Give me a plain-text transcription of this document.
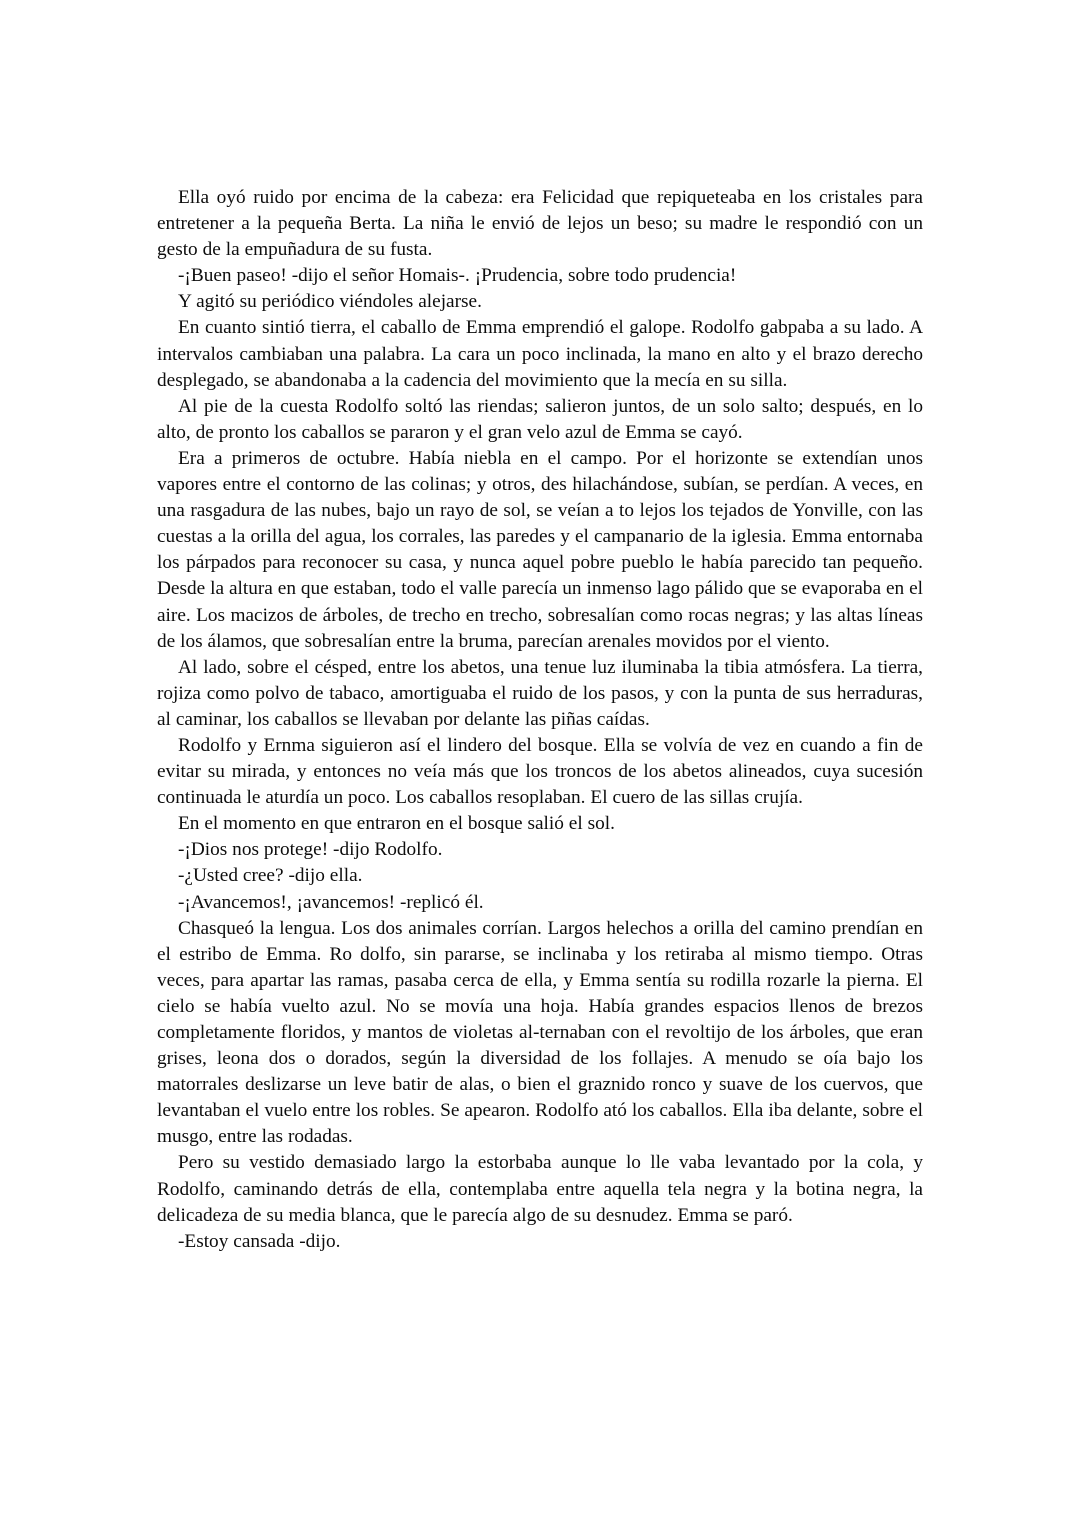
Ella oyó ruido por encima de la cabeza: era Felicidad que repiqueteaba en los cristales para entretener a la pequeña Berta. La niña le envió de lejos un beso; su madre le respondió con un gesto de la empuñadura de su fusta.

-¡Buen paseo! -dijo el señor Homais-. ¡Prudencia, sobre todo prudencia!

Y agitó su periódico viéndoles alejarse.

En cuanto sintió tierra, el caballo de Emma emprendió el galope. Rodolfo gabpaba a su lado. A intervalos cambiaban una palabra. La cara un poco inclinada, la mano en alto y el brazo derecho desplegado, se abandonaba a la cadencia del movimiento que la mecía en su silla.

Al pie de la cuesta Rodolfo soltó las riendas; salieron juntos, de un solo salto; después, en lo alto, de pronto los caballos se pararon y el gran velo azul de Emma se cayó.

Era a primeros de octubre. Había niebla en el campo. Por el horizonte se extendían unos vapores entre el contorno de las colinas; y otros, des hilachándose, subían, se perdían. A veces, en una rasgadura de las nubes, bajo un rayo de sol, se veían a to lejos los tejados de Yonville, con las cuestas a la orilla del agua, los corrales, las paredes y el campanario de la iglesia. Emma entornaba los párpados para reconocer su casa, y nunca aquel pobre pueblo le había parecido tan pequeño. Desde la altura en que estaban, todo el valle parecía un inmenso lago pálido que se evaporaba en el aire. Los macizos de árboles, de trecho en trecho, sobresalían como rocas negras; y las altas líneas de los álamos, que sobresalían entre la bruma, parecían arenales movidos por el viento.

Al lado, sobre el césped, entre los abetos, una tenue luz iluminaba la tibia atmósfera. La tierra, rojiza como polvo de tabaco, amortiguaba el ruido de los pasos, y con la punta de sus herraduras, al caminar, los caballos se llevaban por delante las piñas caídas.

Rodolfo y Ernma siguieron así el lindero del bosque. Ella se volvía de vez en cuando a fin de evitar su mirada, y entonces no veía más que los troncos de los abetos alineados, cuya sucesión continuada le aturdía un poco. Los caballos resoplaban. El cuero de las sillas crujía.

En el momento en que entraron en el bosque salió el sol.

-¡Dios nos protege! -dijo Rodolfo.

-¿Usted cree? -dijo ella.

-¡Avancemos!, ¡avancemos! -replicó él.

Chasqueó la lengua. Los dos animales corrían. Largos helechos a orilla del camino prendían en el estribo de Emma. Ro dolfo, sin pararse, se inclinaba y los retiraba al mismo tiempo. Otras veces, para apartar las ramas, pasaba cerca de ella, y Emma sentía su rodilla rozarle la pierna. El cielo se había vuelto azul. No se movía una hoja. Había grandes espacios llenos de brezos completamente floridos, y mantos de violetas al-ternaban con el revoltijo de los árboles, que eran grises, leona dos o dorados, según la diversidad de los follajes. A menudo se oía bajo los matorrales deslizarse un leve batir de alas, o bien el graznido ronco y suave de los cuervos, que levantaban el vuelo entre los robles. Se apearon. Rodolfo ató los caballos. Ella iba delante, sobre el musgo, entre las rodadas.

Pero su vestido demasiado largo la estorbaba aunque lo lle vaba levantado por la cola, y Rodolfo, caminando detrás de ella, contemplaba entre aquella tela negra y la botina negra, la delicadeza de su media blanca, que le parecía algo de su desnudez. Emma se paró.

-Estoy cansada -dijo.
